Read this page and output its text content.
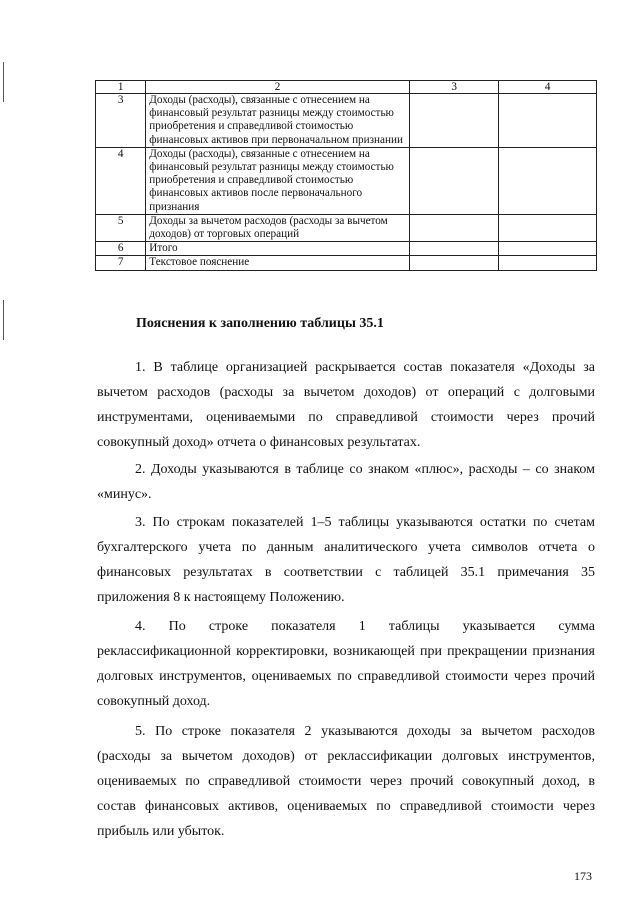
1	2	3	4
3	Доходы (расходы), связанные с отнесением на финансовый результат разницы между стоимостью приобретения и справедливой стоимостью финансовых активов при первоначальном признании		
4	Доходы (расходы), связанные с отнесением на финансовый результат разницы между стоимостью приобретения и справедливой стоимостью финансовых активов после первоначального признания		
5	Доходы за вычетом расходов (расходы за вычетом доходов) от торговых операций		
6	Итого		
7	Текстовое пояснение		
Пояснения к заполнению таблицы 35.1

1. В таблице организацией раскрывается состав показателя «Доходы за вычетом расходов (расходы за вычетом доходов) от операций с долговыми инструментами, оцениваемыми по справедливой стоимости через прочий совокупный доход» отчета о финансовых результатах.

2. Доходы указываются в таблице со знаком «плюс», расходы – со знаком «минус».

3. По строкам показателей 1–5 таблицы указываются остатки по счетам бухгалтерского учета по данным аналитического учета символов отчета о финансовых результатах в соответствии с таблицей 35.1 примечания 35 приложения 8 к настоящему Положению.

4. По строке показателя 1 таблицы указывается сумма реклассификационной корректировки, возникающей при прекращении признания долговых инструментов, оцениваемых по справедливой стоимости через прочий совокупный доход.

5. По строке показателя 2 указываются доходы за вычетом расходов (расходы за вычетом доходов) от реклассификации долговых инструментов, оцениваемых по справедливой стоимости через прочий совокупный доход, в состав финансовых активов, оцениваемых по справедливой стоимости через прибыль или убыток.

173
